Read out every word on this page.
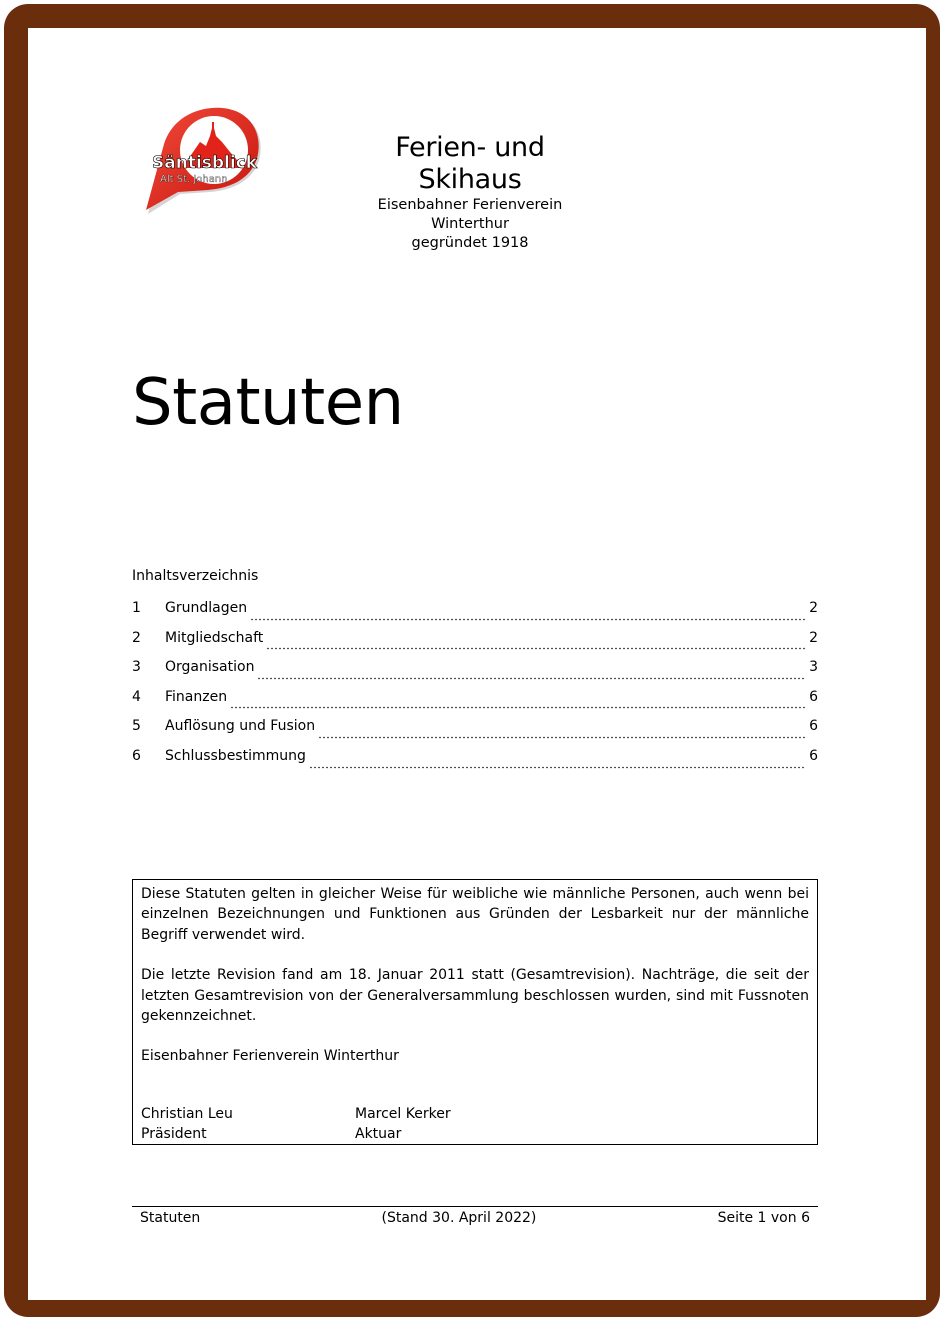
Säntisblick
Alt St. Johann
Ferien- und Skihaus
Eisenbahner Ferienverein Winterthur
gegründet 1918
Statuten
Inhaltsverzeichnis
1	Grundlagen	2
2	Mitgliedschaft	2
3	Organisation	3
4	Finanzen	6
5	Auflösung und Fusion	6
6	Schlussbestimmung	6

Diese Statuten gelten in gleicher Weise für weibliche wie männliche Personen, auch wenn bei einzelnen Bezeichnungen und Funktionen aus Gründen der Lesbarkeit nur der männliche Begriff verwendet wird.

Die letzte Revision fand am 18. Januar 2011 statt (Gesamtrevision). Nachträge, die seit der letzten Gesamtrevision von der Generalversammlung beschlossen wurden, sind mit Fussnoten gekennzeichnet.

Eisenbahner Ferienverein Winterthur

Christian Leu	Marcel Kerker
Präsident	Aktuar
Statuten	(Stand 30. April 2022)	Seite 1 von 6
